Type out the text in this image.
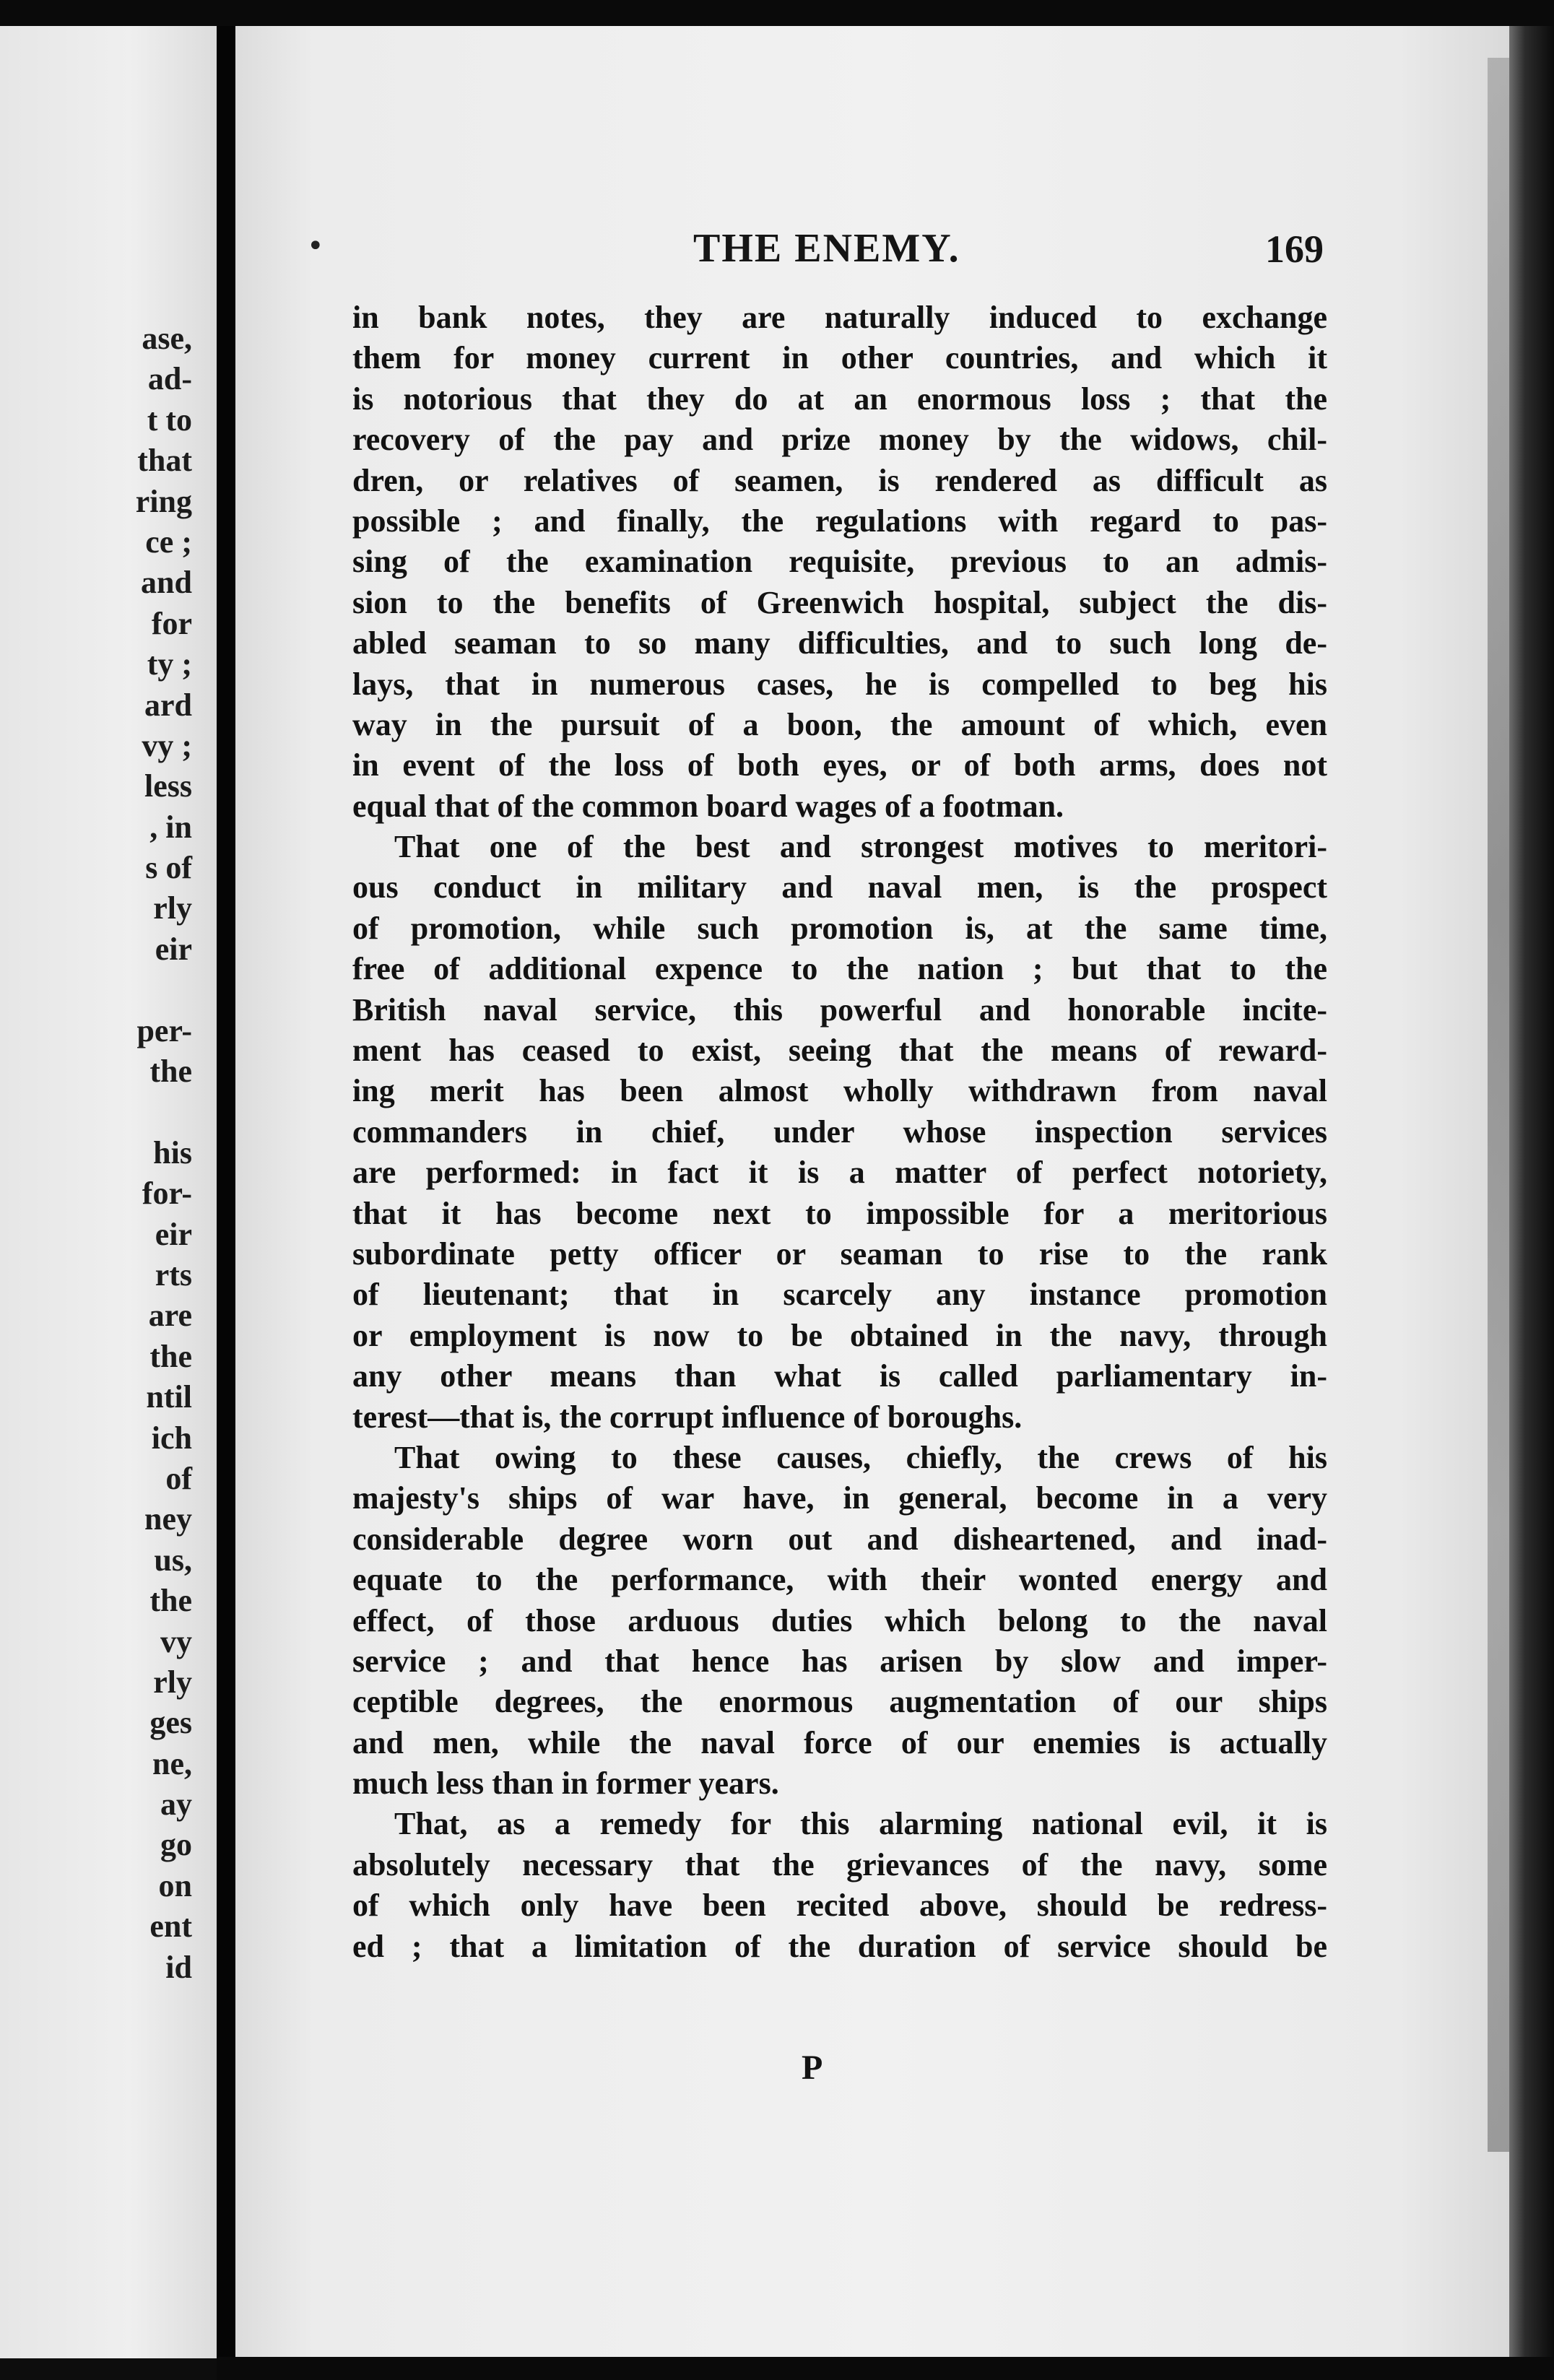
ase,
ad-
t to
that
ring
ce ;
and
for
ty ;
ard
vy ;
less
, in
s of
rly
eir
per-
the
his
for-
eir
rts
are
the
ntil
ich
of
ney
us,
the
vy
rly
ges
ne,
ay
go
on
ent
id
•	THE ENEMY.	169
in bank notes, they are naturally induced to exchange
them for money current in other countries, and which it
is notorious that they do at an enormous loss ; that the
recovery of the pay and prize money by the widows, chil-
dren, or relatives of seamen, is rendered as difficult as
possible ; and finally, the regulations with regard to pas-
sing of the examination requisite, previous to an admis-
sion to the benefits of Greenwich hospital, subject the dis-
abled seaman to so many difficulties, and to such long de-
lays, that in numerous cases, he is compelled to beg his
way in the pursuit of a boon, the amount of which, even
in event of the loss of both eyes, or of both arms, does not
equal that of the common board wages of a footman.
That one of the best and strongest motives to meritori-
ous conduct in military and naval men, is the prospect
of promotion, while such promotion is, at the same time,
free of additional expence to the nation ; but that to the
British naval service, this powerful and honorable incite-
ment has ceased to exist, seeing that the means of reward-
ing merit has been almost wholly withdrawn from naval
commanders in chief, under whose inspection services
are performed: in fact it is a matter of perfect notoriety,
that it has become next to impossible for a meritorious
subordinate petty officer or seaman to rise to the rank
of lieutenant; that in scarcely any instance promotion
or employment is now to be obtained in the navy, through
any other means than what is called parliamentary in-
terest—that is, the corrupt influence of boroughs.
That owing to these causes, chiefly, the crews of his
majesty's ships of war have, in general, become in a very
considerable degree worn out and disheartened, and inad-
equate to the performance, with their wonted energy and
effect, of those arduous duties which belong to the naval
service ; and that hence has arisen by slow and imper-
ceptible degrees, the enormous augmentation of our ships
and men, while the naval force of our enemies is actually
much less than in former years.
That, as a remedy for this alarming national evil, it is
absolutely necessary that the grievances of the navy, some
of which only have been recited above, should be redress-
ed ; that a limitation of the duration of service should be
P
